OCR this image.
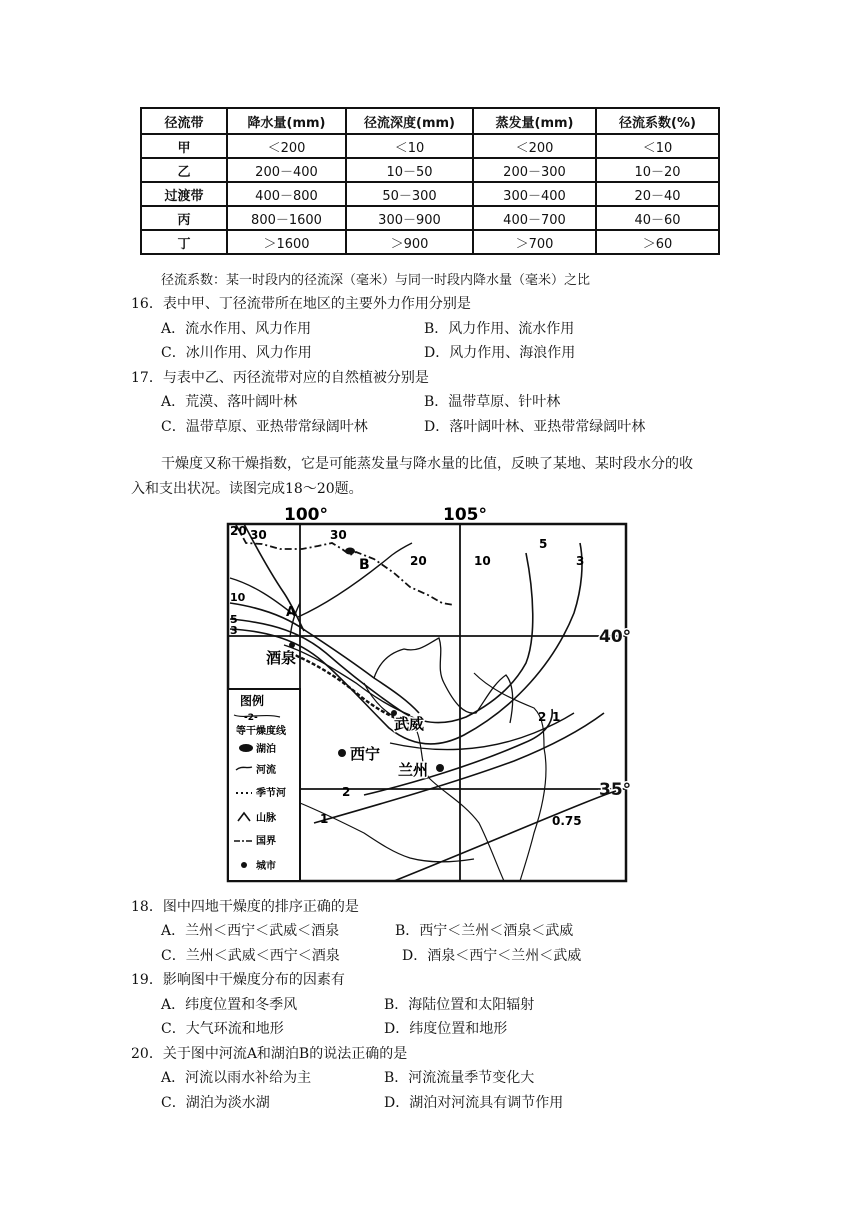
径流带	降水量(mm)	径流深度(mm)	蒸发量(mm)	径流系数(%)
甲	＜200	＜10	＜200	＜10
乙	200－400	10－50	200－300	10－20
过渡带	400－800	50－300	300－400	20－40
丙	800－1600	300－900	400－700	40－60
丁	＞1600	＞900	＞700	＞60
径流系数：某一时段内的径流深（毫米）与同一时段内降水量（毫米）之比
16．表中甲、丁径流带所在地区的主要外力作用分别是
A．流水作用、风力作用	B．风力作用、流水作用
C．冰川作用、风力作用	D．风力作用、海浪作用
17．与表中乙、丙径流带对应的自然植被分别是
A．荒漠、落叶阔叶林	B．温带草原、针叶林
C．温带草原、亚热带常绿阔叶林	D．落叶阔叶林、亚热带常绿阔叶林
干燥度又称干燥指数，它是可能蒸发量与降水量的比值，反映了某地、某时段水分的收
入和支出状况。读图完成18～20题。
100°	105°
40°
35°
B
A
30	30
20
20	10
10
5
5
3
3
2
2
1
1	0.75
酒泉
武威
西宁
兰州
图例
-2-
等干燥度线
湖泊
河流
季节河
山脉
国界
城市
18．图中四地干燥度的排序正确的是
A．兰州＜西宁＜武威＜酒泉	B．西宁＜兰州＜酒泉＜武威
C．兰州＜武威＜西宁＜酒泉	D．酒泉＜西宁＜兰州＜武威
19．影响图中干燥度分布的因素有
A．纬度位置和冬季风	B．海陆位置和太阳辐射
C．大气环流和地形	D．纬度位置和地形
20．关于图中河流A和湖泊B的说法正确的是
A．河流以雨水补给为主	B．河流流量季节变化大
C．湖泊为淡水湖	D．湖泊对河流具有调节作用
